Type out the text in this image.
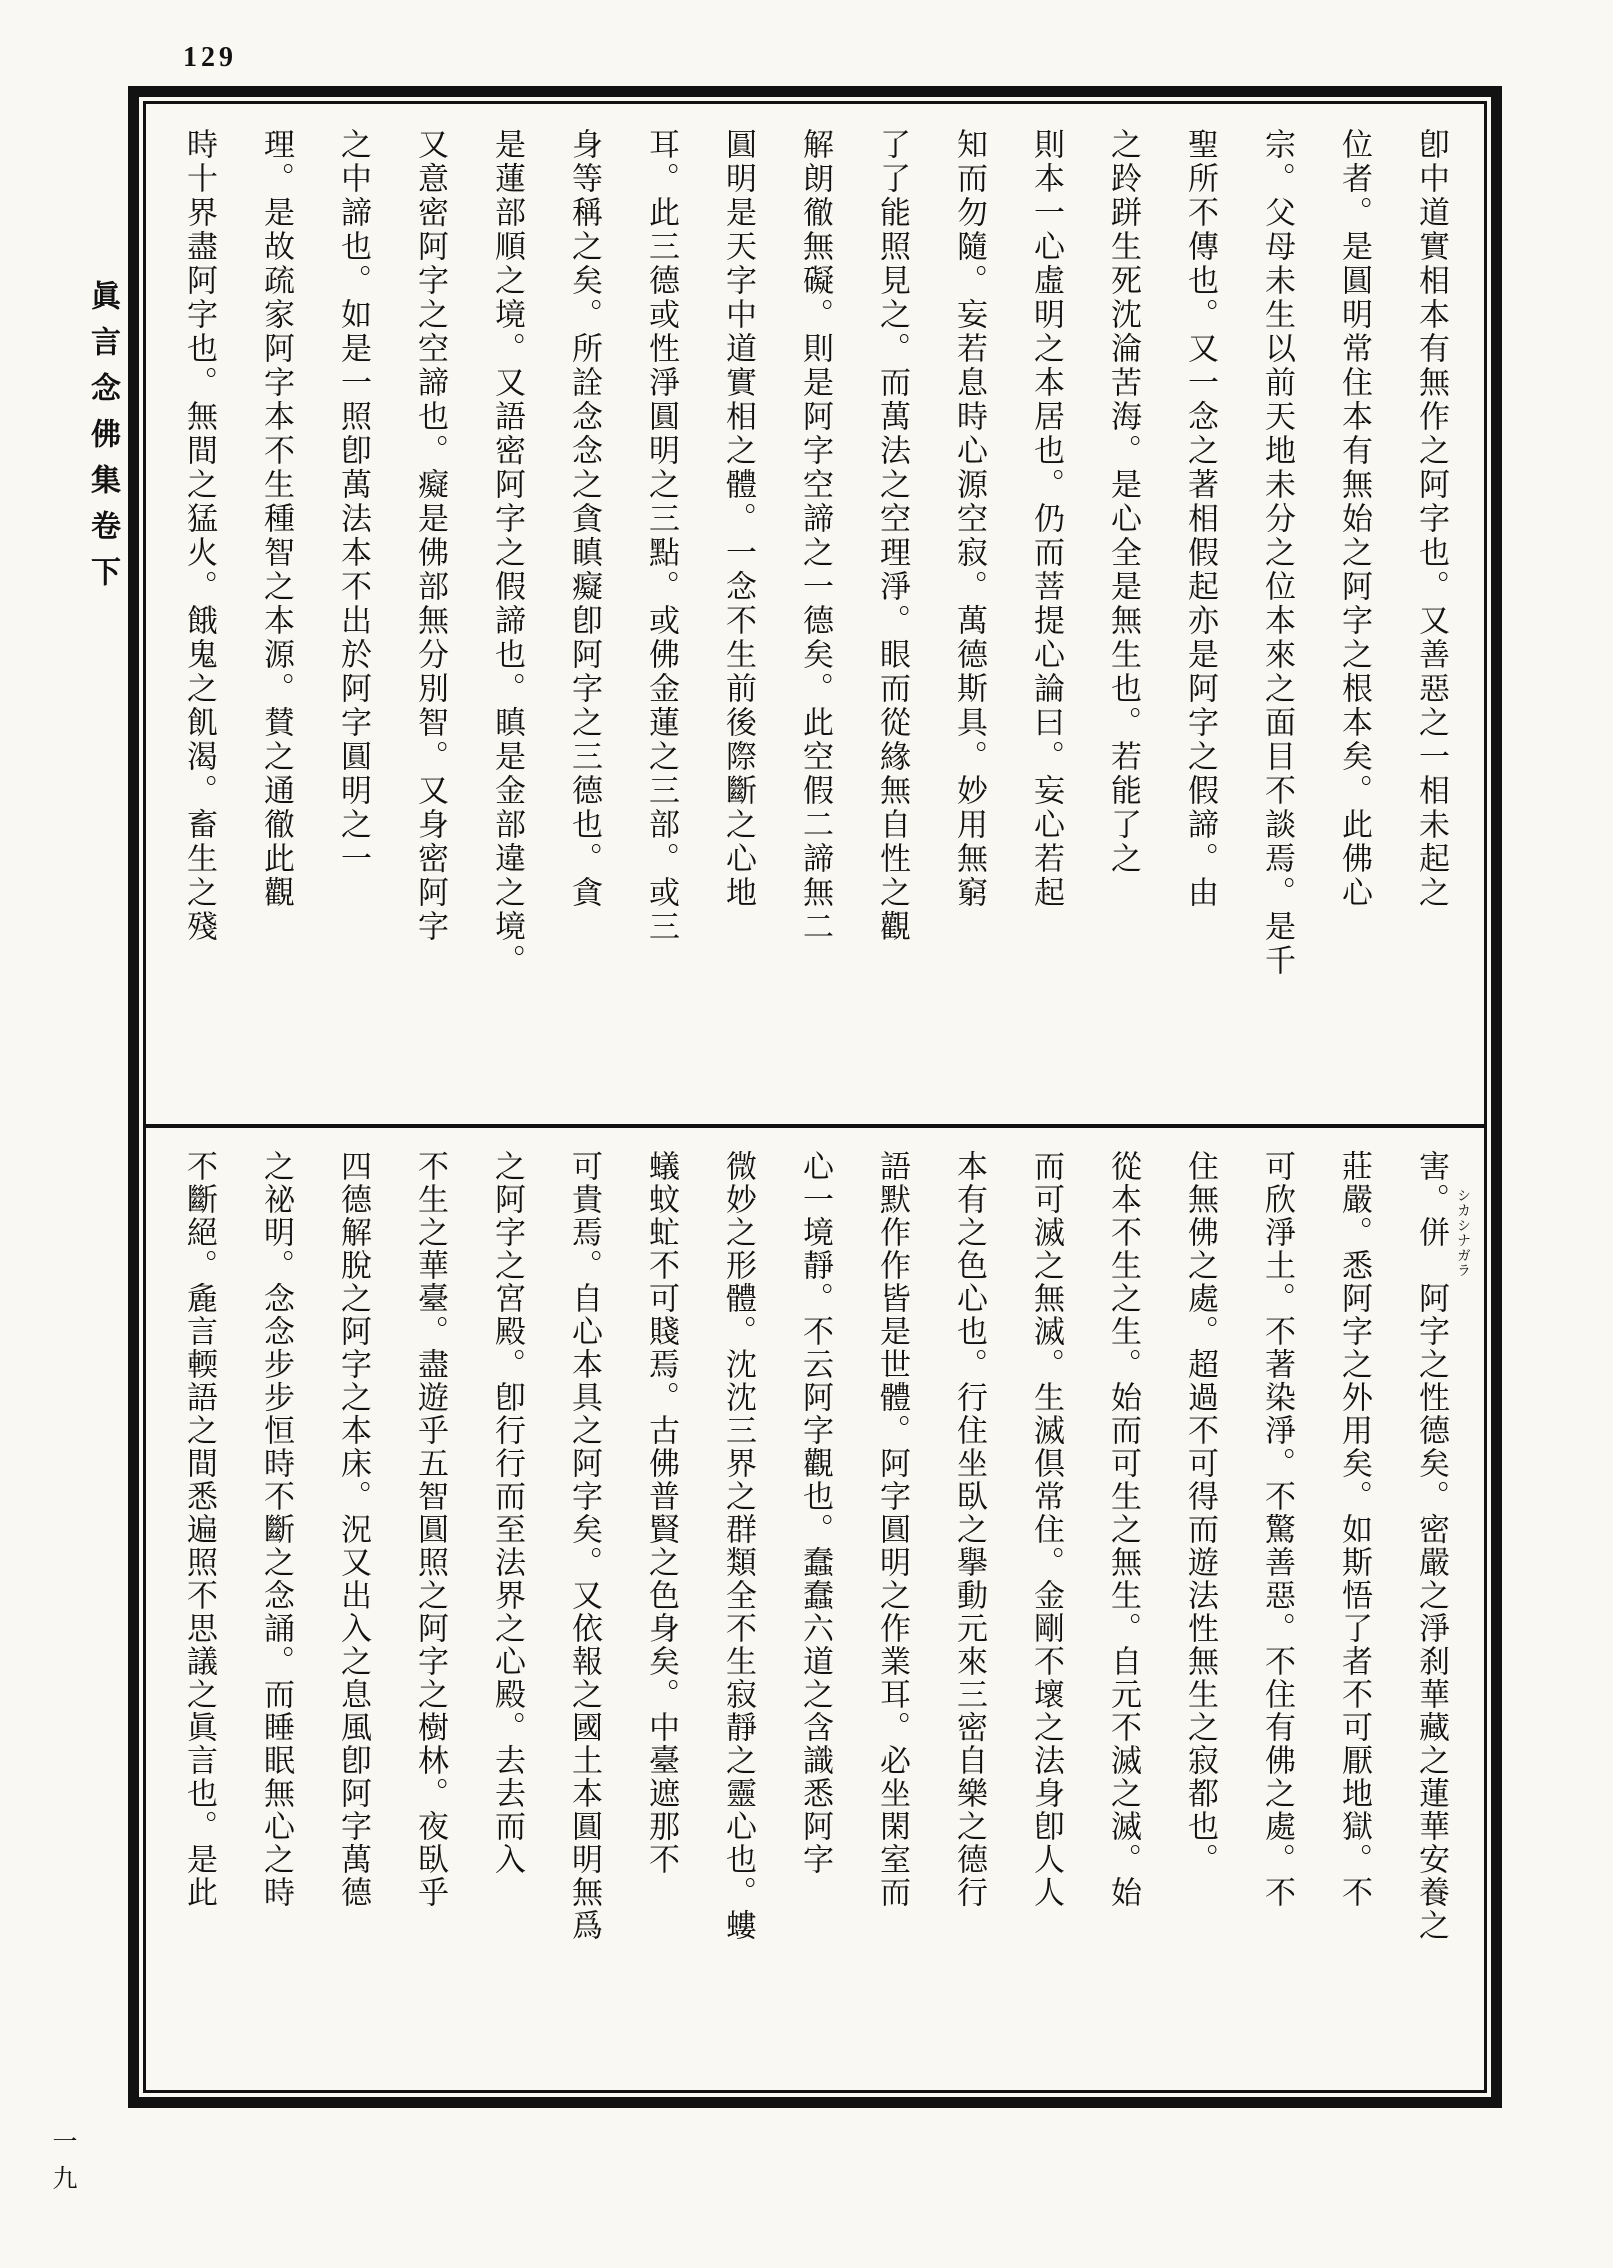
129
卽中道實相本有無作之阿字也。又善惡之一相未起之
位者。是圓明常住本有無始之阿字之根本矣。此佛心
宗。父母未生以前天地未分之位本來之面目不談焉。是千
聖所不傳也。又一念之著相假起亦是阿字之假諦。由
之跉跰生死沈淪苦海。是心全是無生也。若能了之
則本一心虛明之本居也。仍而菩提心論曰。妄心若起
知而勿隨。妄若息時心源空寂。萬德斯具。妙用無窮
了了能照見之。而萬法之空理淨。眼而從緣無自性之觀
解朗徹無礙。則是阿字空諦之一德矣。此空假二諦無二
圓明是天字中道實相之體。一念不生前後際斷之心地
耳。此三德或性淨圓明之三點。或佛金蓮之三部。或三
身等稱之矣。所詮念念之貪瞋癡卽阿字之三德也。貪
是蓮部順之境。又語密阿字之假諦也。瞋是金部違之境。
又意密阿字之空諦也。癡是佛部無分別智。又身密阿字
之中諦也。如是一照卽萬法本不出於阿字圓明之一
理。是故疏家阿字本不生種智之本源。賛之通徹此觀
時十界盡阿字也。無間之猛火。餓鬼之飢渴。畜生之殘
害。併　阿字之性德矣。密嚴之淨刹華藏之蓮華安養之
莊嚴。悉阿字之外用矣。如斯悟了者不可厭地獄。不
可欣淨土。不著染淨。不驚善惡。不住有佛之處。不
住無佛之處。超過不可得而遊法性無生之寂都也。
從本不生之生。始而可生之無生。自元不滅之滅。始
而可滅之無滅。生滅倶常住。金剛不壞之法身卽人人
本有之色心也。行住坐臥之擧動元來三密自樂之德行
語默作作皆是世體。阿字圓明之作業耳。必坐閑室而
心一境靜。不云阿字觀也。蠢蠢六道之含識悉阿字
微妙之形體。沈沈三界之群類全不生寂靜之靈心也。螻
蟻蚊虻不可賤焉。古佛普賢之色身矣。中臺遮那不
可貴焉。自心本具之阿字矣。又依報之國土本圓明無爲
之阿字之宮殿。卽行行而至法界之心殿。去去而入
不生之華臺。盡遊乎五智圓照之阿字之樹林。夜臥乎
四德解脫之阿字之本床。況又出入之息風卽阿字萬德
之祕明。念念步步恒時不斷之念誦。而睡眠無心之時
不斷絕。麁言輭語之間悉遍照不思議之眞言也。是此	シカシナガラ
眞言念佛集卷下
一九
